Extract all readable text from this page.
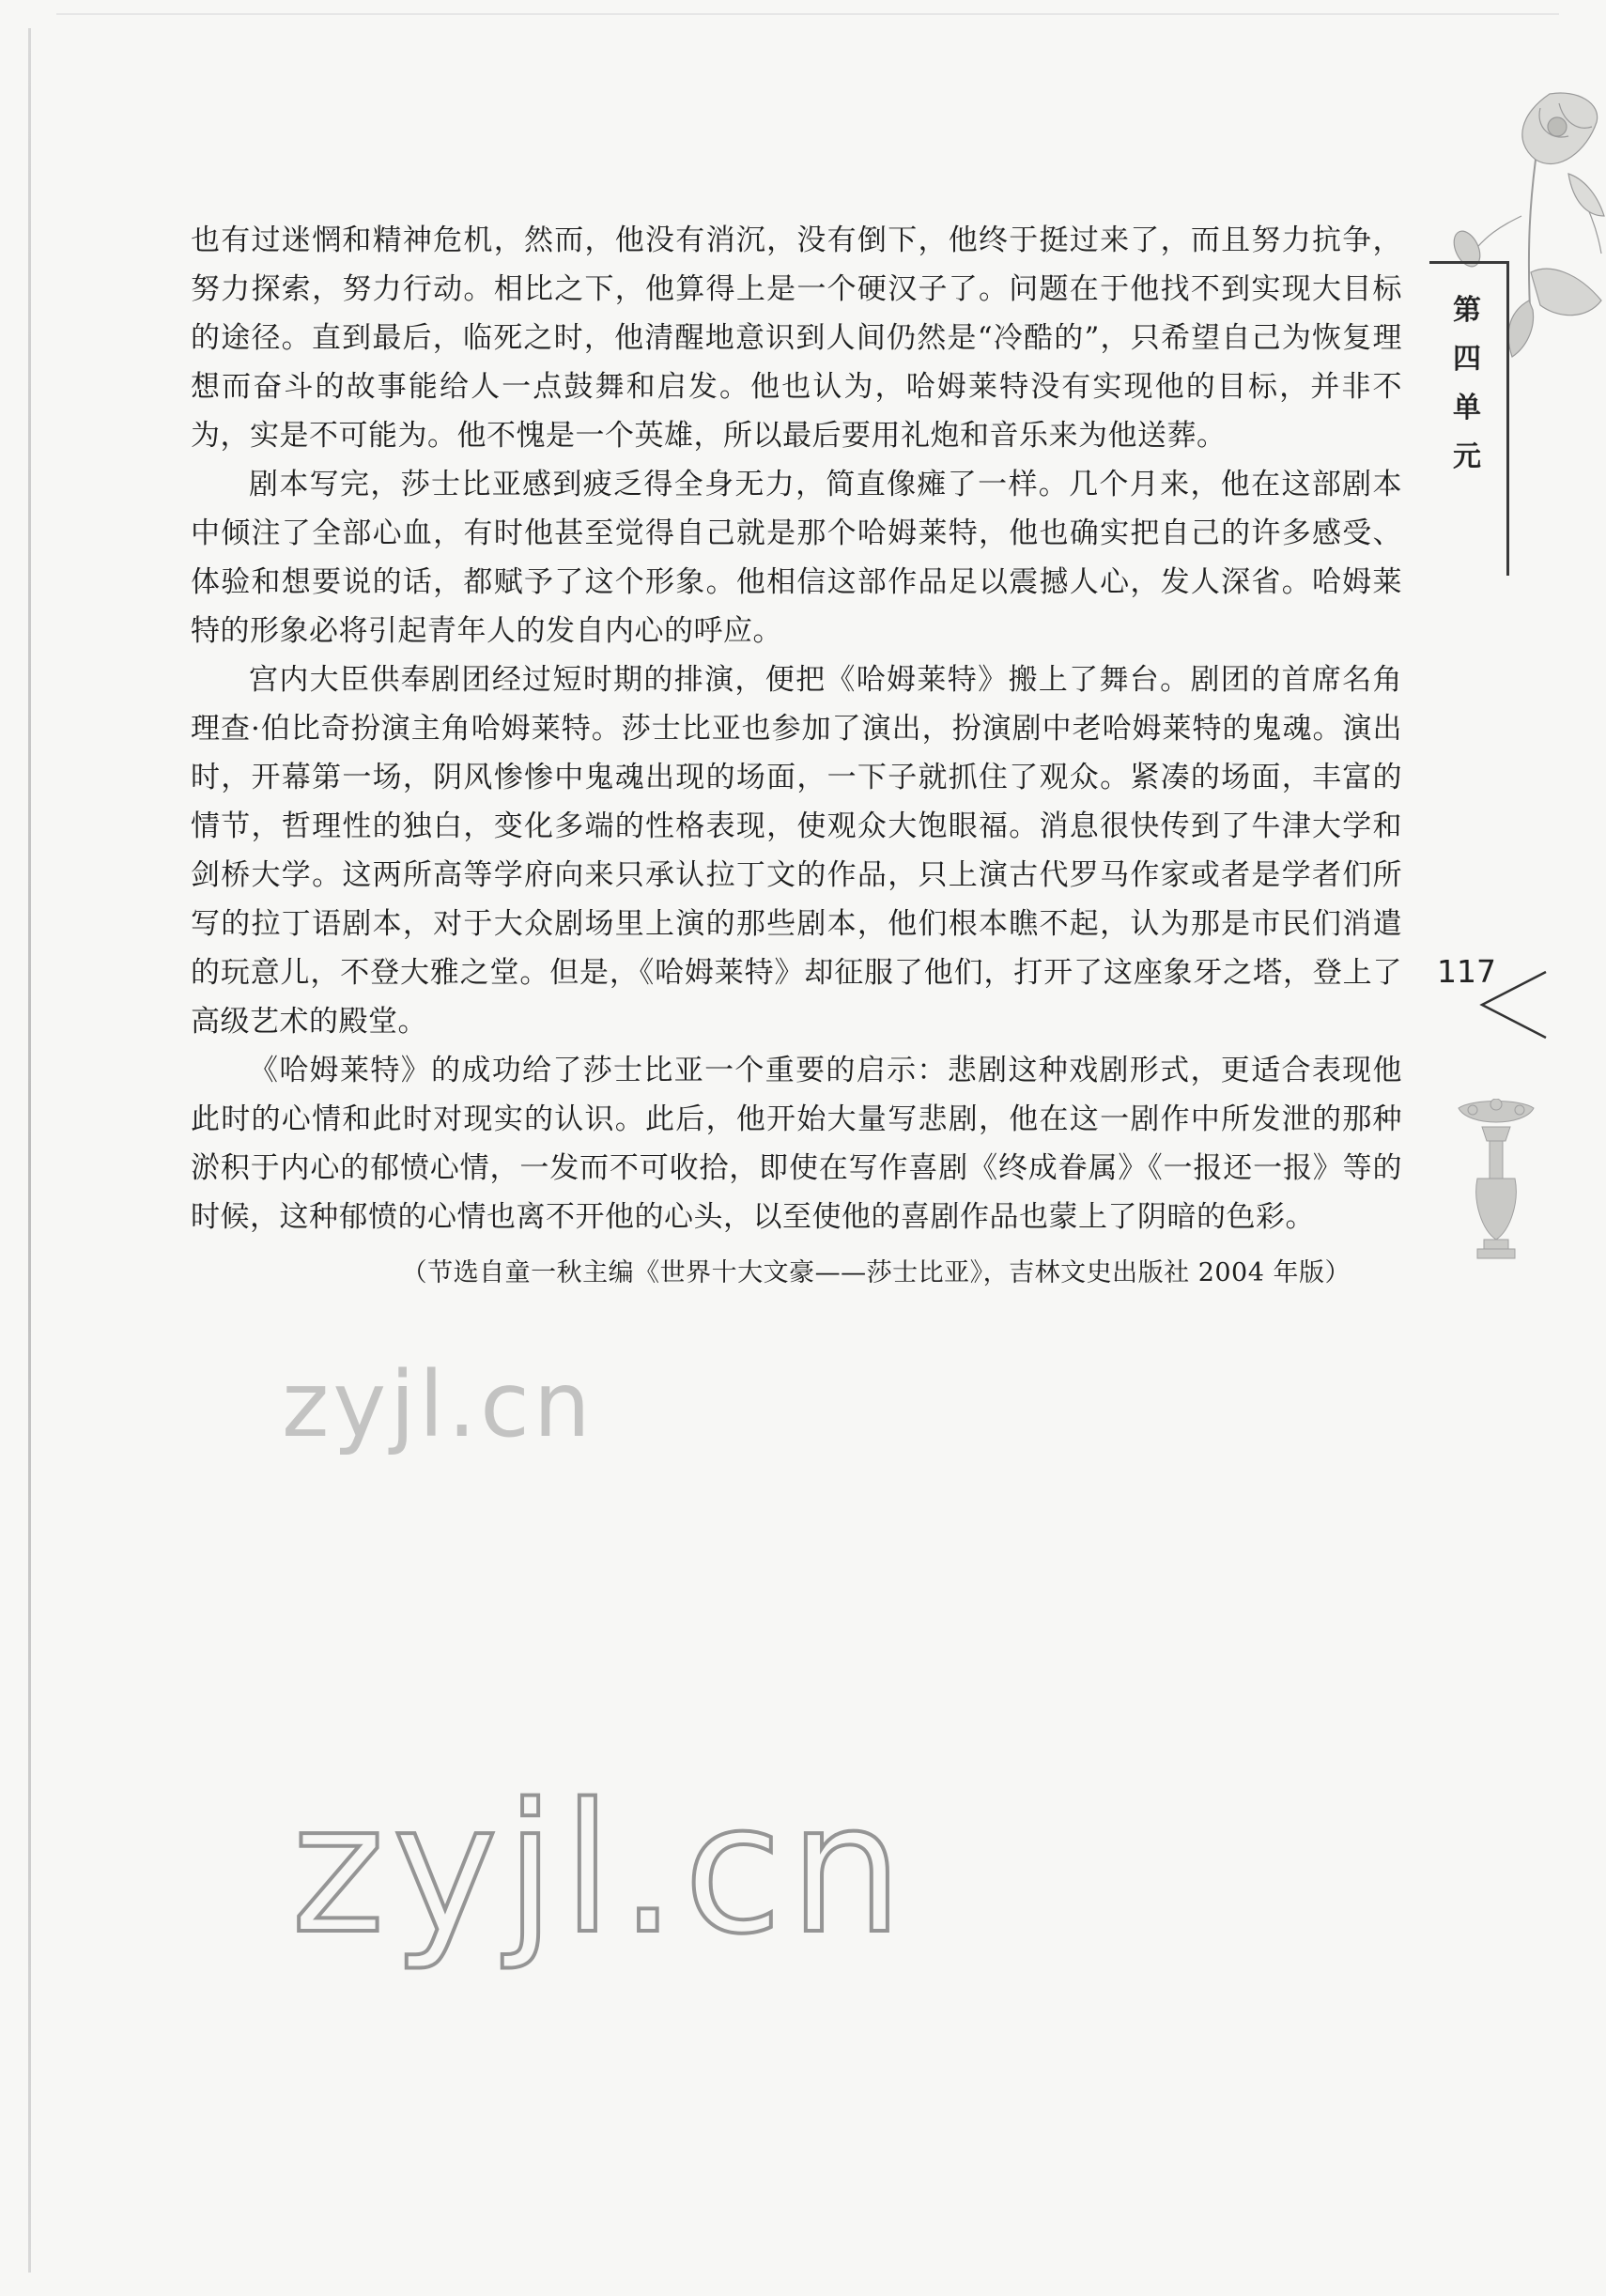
第
四
单
元
117

也有过迷惘和精神危机，然而，他没有消沉，没有倒下，他终于挺过来了，而且努力抗争，努力探索，努力行动。相比之下，他算得上是一个硬汉子了。问题在于他找不到实现大目标的途径。直到最后，临死之时，他清醒地意识到人间仍然是“冷酷的”，只希望自己为恢复理想而奋斗的故事能给人一点鼓舞和启发。他也认为，哈姆莱特没有实现他的目标，并非不为，实是不可能为。他不愧是一个英雄，所以最后要用礼炮和音乐来为他送葬。

剧本写完，莎士比亚感到疲乏得全身无力，简直像瘫了一样。几个月来，他在这部剧本中倾注了全部心血，有时他甚至觉得自己就是那个哈姆莱特，他也确实把自己的许多感受、体验和想要说的话，都赋予了这个形象。他相信这部作品足以震撼人心，发人深省。哈姆莱特的形象必将引起青年人的发自内心的呼应。

宫内大臣供奉剧团经过短时期的排演，便把《哈姆莱特》搬上了舞台。剧团的首席名角理查·伯比奇扮演主角哈姆莱特。莎士比亚也参加了演出，扮演剧中老哈姆莱特的鬼魂。演出时，开幕第一场，阴风惨惨中鬼魂出现的场面，一下子就抓住了观众。紧凑的场面，丰富的情节，哲理性的独白，变化多端的性格表现，使观众大饱眼福。消息很快传到了牛津大学和剑桥大学。这两所高等学府向来只承认拉丁文的作品，只上演古代罗马作家或者是学者们所写的拉丁语剧本，对于大众剧场里上演的那些剧本，他们根本瞧不起，认为那是市民们消遣的玩意儿，不登大雅之堂。但是，《哈姆莱特》却征服了他们，打开了这座象牙之塔，登上了高级艺术的殿堂。

《哈姆莱特》的成功给了莎士比亚一个重要的启示：悲剧这种戏剧形式，更适合表现他此时的心情和此时对现实的认识。此后，他开始大量写悲剧，他在这一剧作中所发泄的那种淤积于内心的郁愤心情，一发而不可收拾，即使在写作喜剧《终成眷属》《一报还一报》等的时候，这种郁愤的心情也离不开他的心头，以至使他的喜剧作品也蒙上了阴暗的色彩。

（节选自童一秋主编《世界十大文豪——莎士比亚》，吉林文史出版社 2004 年版）

zyjl.cn
zyjl.cn
